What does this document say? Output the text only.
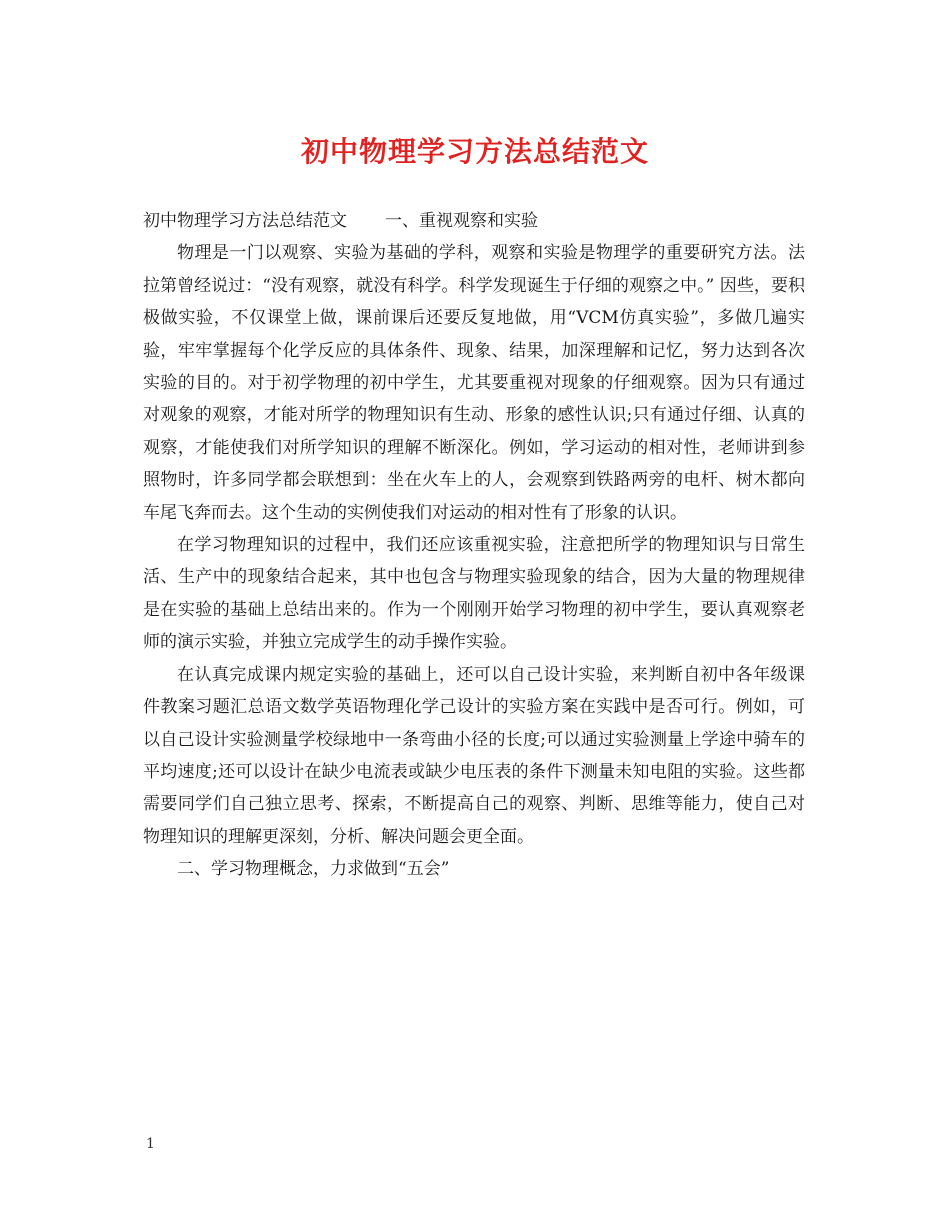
初中物理学习方法总结范文

初中物理学习方法总结范文 一、重视观察和实验

物理是一门以观察、实验为基础的学科，观察和实验是物理学的重要研究方法。法拉第曾经说过：“没有观察，就没有科学。科学发现诞生于仔细的观察之中。” 因些，要积极做实验，不仅课堂上做，课前课后还要反复地做，用“VCM仿真实验”，多做几遍实验，牢牢掌握每个化学反应的具体条件、现象、结果，加深理解和记忆，努力达到各次实验的目的。对于初学物理的初中学生，尤其要重视对现象的仔细观察。因为只有通过对观象的观察，才能对所学的物理知识有生动、形象的感性认识;只有通过仔细、认真的观察，才能使我们对所学知识的理解不断深化。例如，学习运动的相对性，老师讲到参照物时，许多同学都会联想到：坐在火车上的人，会观察到铁路两旁的电杆、树木都向车尾飞奔而去。这个生动的实例使我们对运动的相对性有了形象的认识。

在学习物理知识的过程中，我们还应该重视实验，注意把所学的物理知识与日常生活、生产中的现象结合起来，其中也包含与物理实验现象的结合，因为大量的物理规律是在实验的基础上总结出来的。作为一个刚刚开始学习物理的初中学生，要认真观察老师的演示实验，并独立完成学生的动手操作实验。

在认真完成课内规定实验的基础上，还可以自己设计实验，来判断自初中各年级课件教案习题汇总语文数学英语物理化学己设计的实验方案在实践中是否可行。例如，可以自己设计实验测量学校绿地中一条弯曲小径的长度;可以通过实验测量上学途中骑车的平均速度;还可以设计在缺少电流表或缺少电压表的条件下测量未知电阻的实验。这些都需要同学们自己独立思考、探索，不断提高自己的观察、判断、思维等能力，使自己对物理知识的理解更深刻，分析、解决问题会更全面。

二、学习物理概念，力求做到“五会”

1
